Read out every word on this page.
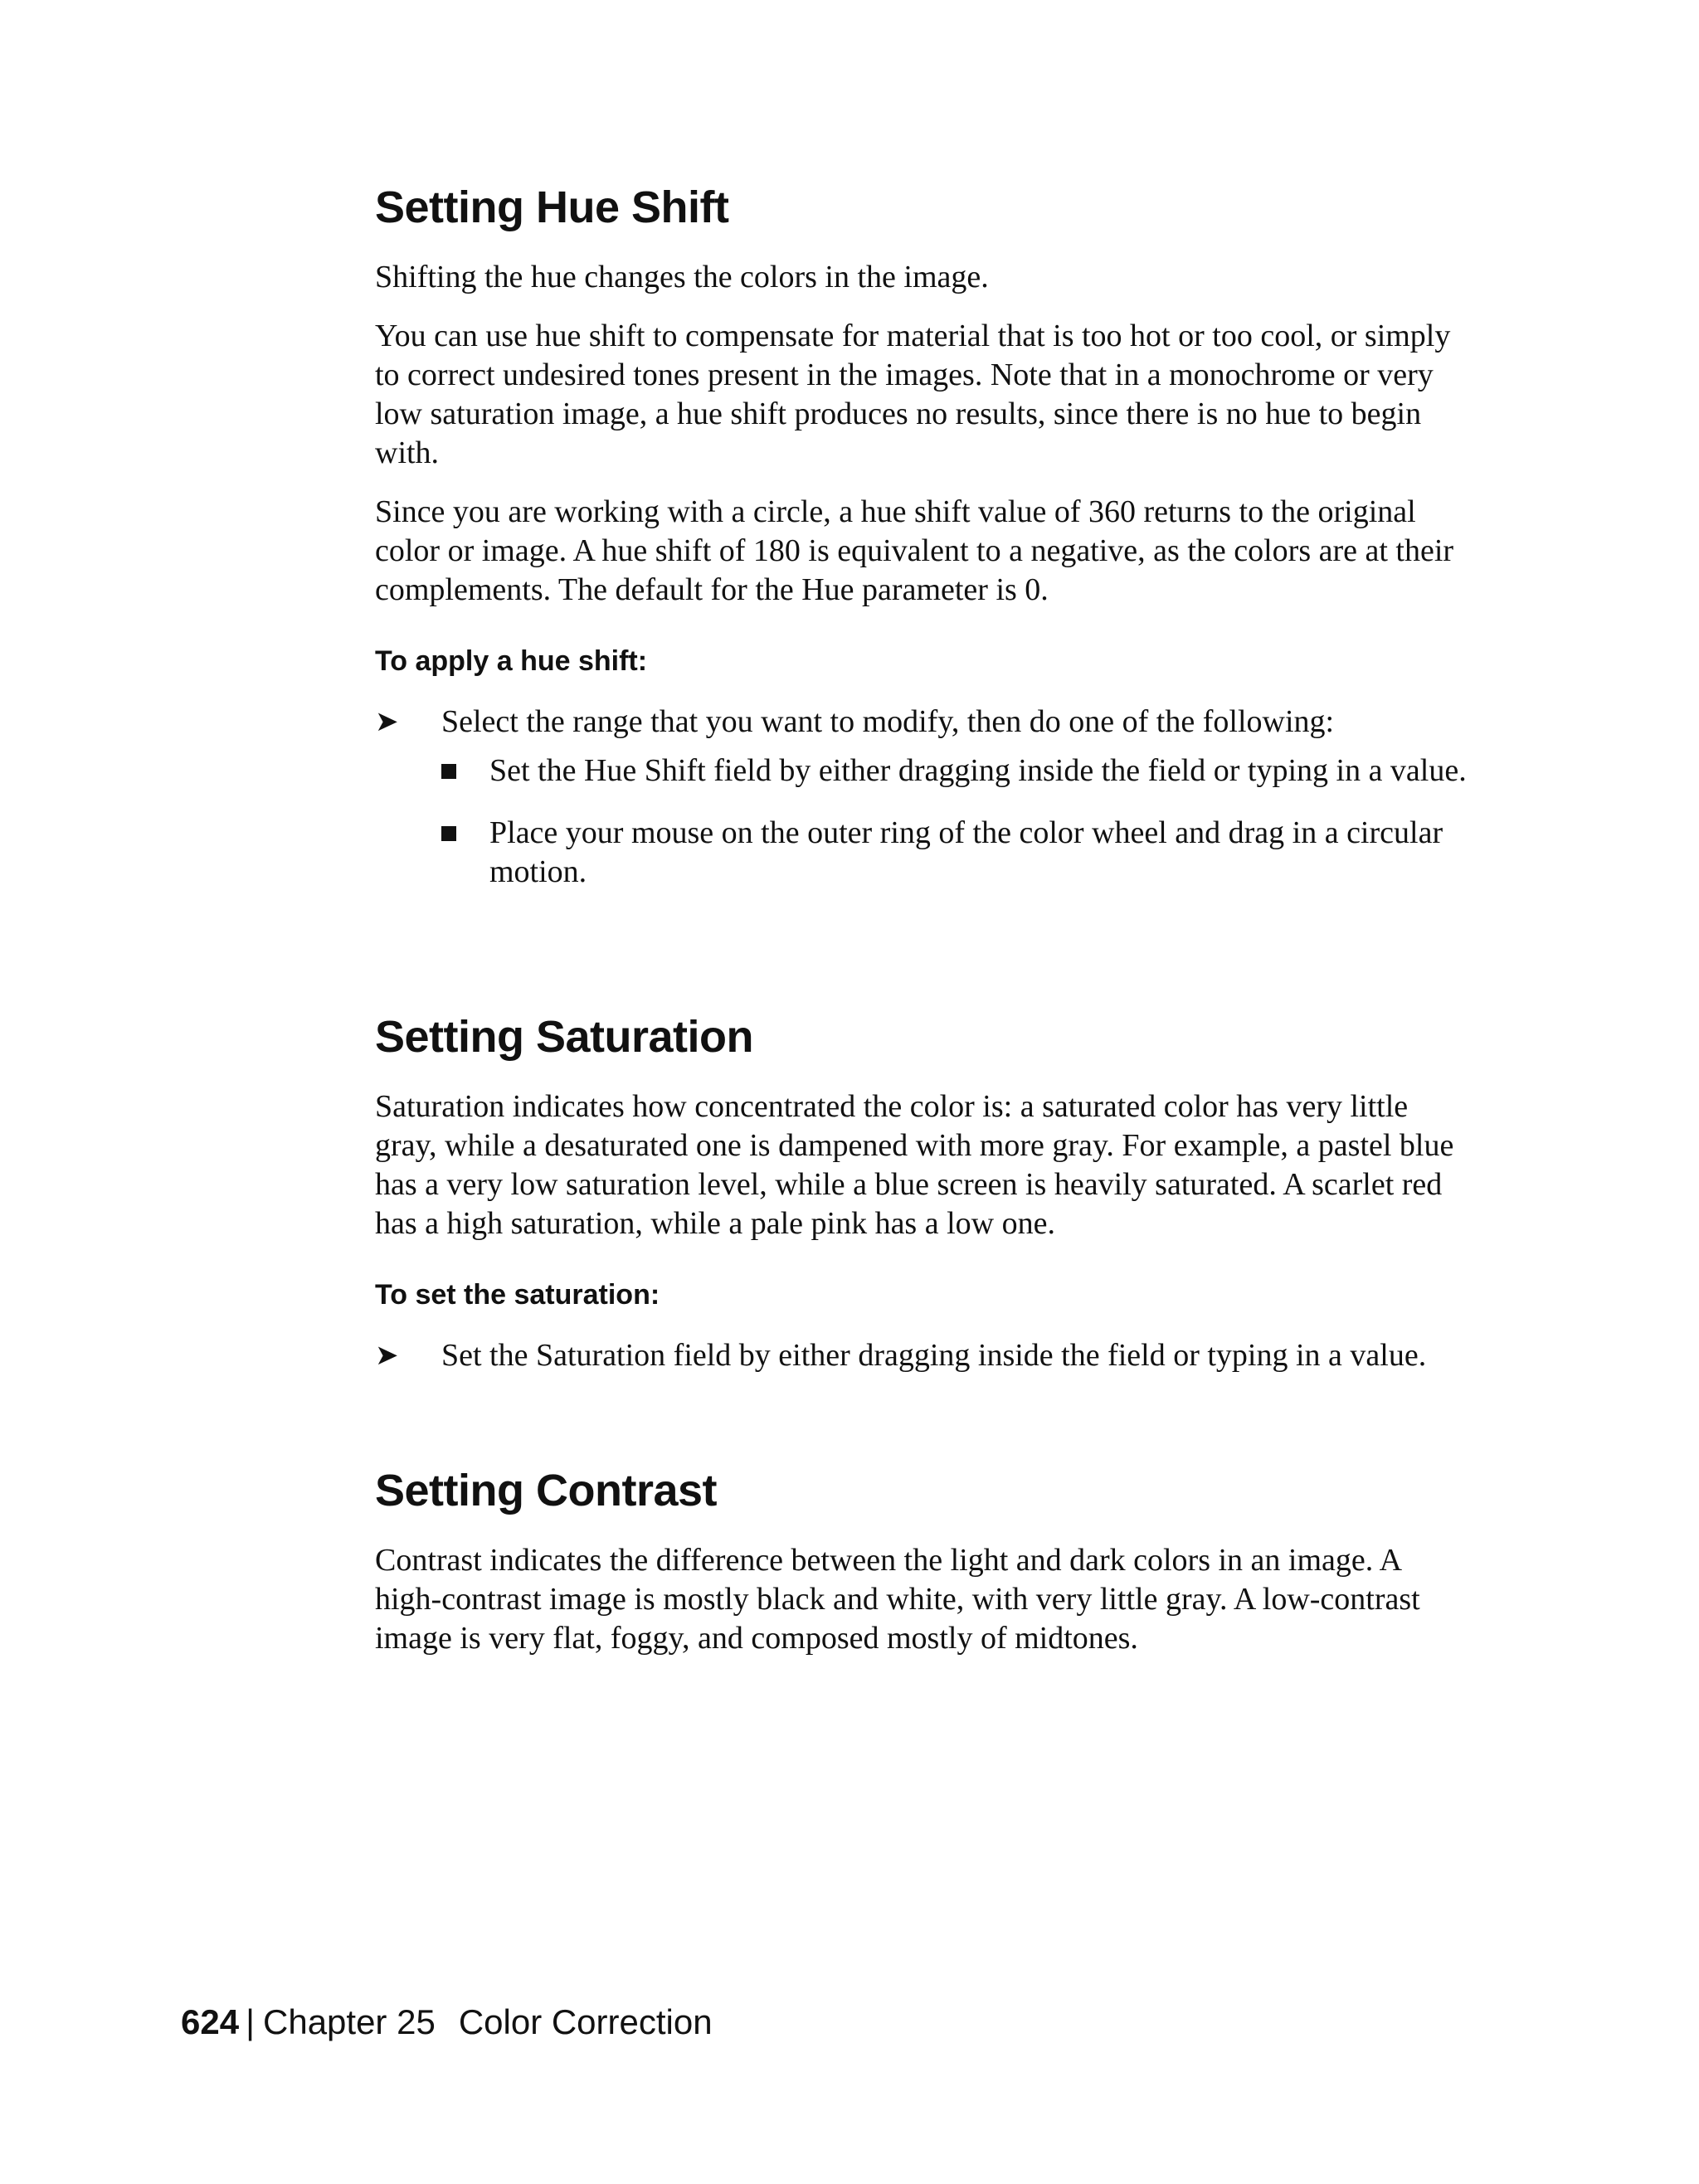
Setting Hue Shift

Shifting the hue changes the colors in the image.

You can use hue shift to compensate for material that is too hot or too cool, or simply to correct undesired tones present in the images. Note that in a monochrome or very low saturation image, a hue shift produces no results, since there is no hue to begin with.

Since you are working with a circle, a hue shift value of 360 returns to the original color or image. A hue shift of 180 is equivalent to a negative, as the colors are at their complements. The default for the Hue parameter is 0.

To apply a hue shift:
➤	Select the range that you want to modify, then do one of the following:
Set the Hue Shift field by either dragging inside the field or typing in a value.
Place your mouse on the outer ring of the color wheel and drag in a circular motion.
Setting Saturation

Saturation indicates how concentrated the color is: a saturated color has very little gray, while a desaturated one is dampened with more gray. For example, a pastel blue has a very low saturation level, while a blue screen is heavily saturated. A scarlet red has a high saturation, while a pale pink has a low one.

To set the saturation:
➤	Set the Saturation field by either dragging inside the field or typing in a value.
Setting Contrast

Contrast indicates the difference between the light and dark colors in an image. A high-contrast image is mostly black and white, with very little gray. A low-contrast image is very flat, foggy, and composed mostly of midtones.

624 | Chapter 25 Color Correction
